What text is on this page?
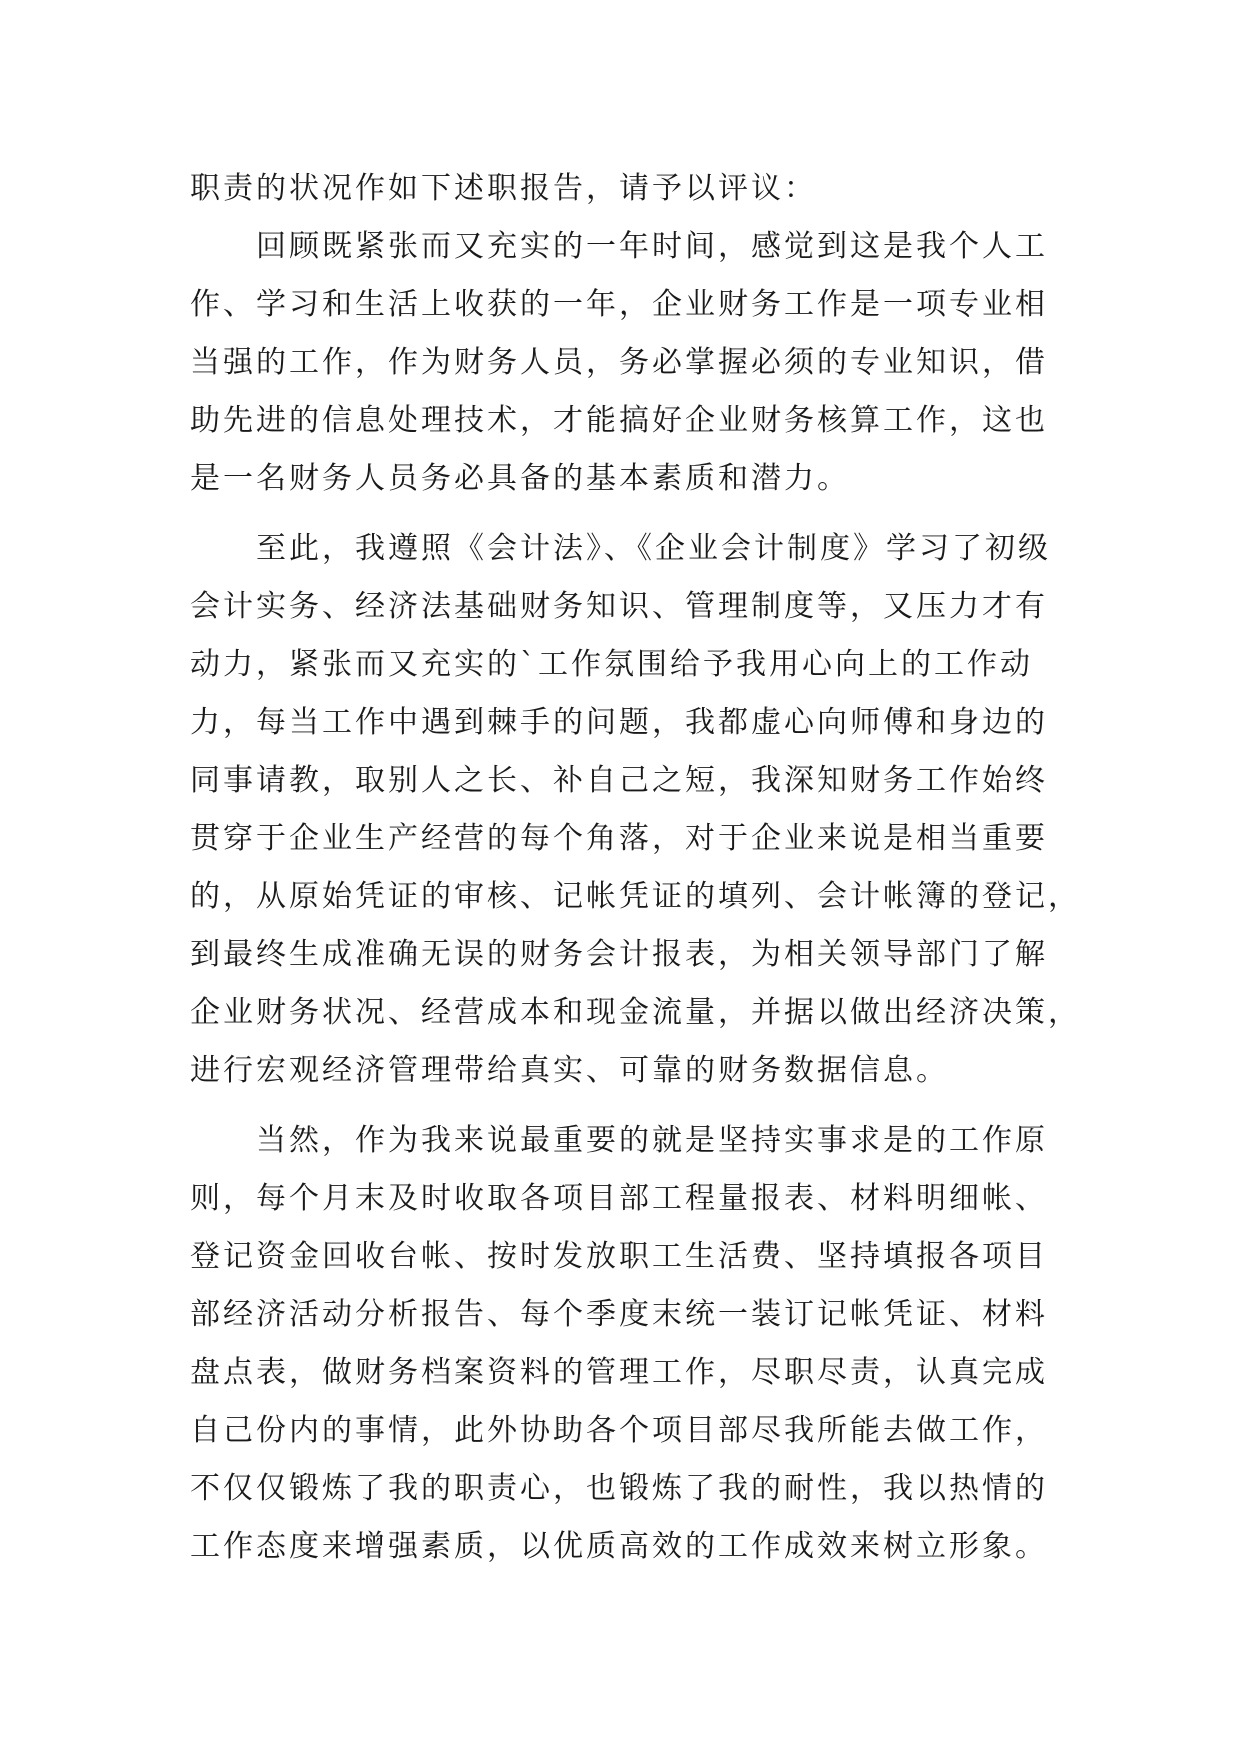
职责的状况作如下述职报告，请予以评议：
　　回顾既紧张而又充实的一年时间，感觉到这是我个人工
作、学习和生活上收获的一年，企业财务工作是一项专业相
当强的工作，作为财务人员，务必掌握必须的专业知识，借
助先进的信息处理技术，才能搞好企业财务核算工作，这也
是一名财务人员务必具备的基本素质和潜力。
　　至此，我遵照《会计法》、《企业会计制度》学习了初级
会计实务、经济法基础财务知识、管理制度等，又压力才有
动力，紧张而又充实的`工作氛围给予我用心向上的工作动
力，每当工作中遇到棘手的问题，我都虚心向师傅和身边的
同事请教，取别人之长、补自己之短，我深知财务工作始终
贯穿于企业生产经营的每个角落，对于企业来说是相当重要
的，从原始凭证的审核、记帐凭证的填列、会计帐簿的登记，
到最终生成准确无误的财务会计报表，为相关领导部门了解
企业财务状况、经营成本和现金流量，并据以做出经济决策，
进行宏观经济管理带给真实、可靠的财务数据信息。
　　当然，作为我来说最重要的就是坚持实事求是的工作原
则，每个月末及时收取各项目部工程量报表、材料明细帐、
登记资金回收台帐、按时发放职工生活费、坚持填报各项目
部经济活动分析报告、每个季度末统一装订记帐凭证、材料
盘点表，做财务档案资料的管理工作，尽职尽责，认真完成
自己份内的事情，此外协助各个项目部尽我所能去做工作，
不仅仅锻炼了我的职责心，也锻炼了我的耐性，我以热情的
工作态度来增强素质，以优质高效的工作成效来树立形象。
